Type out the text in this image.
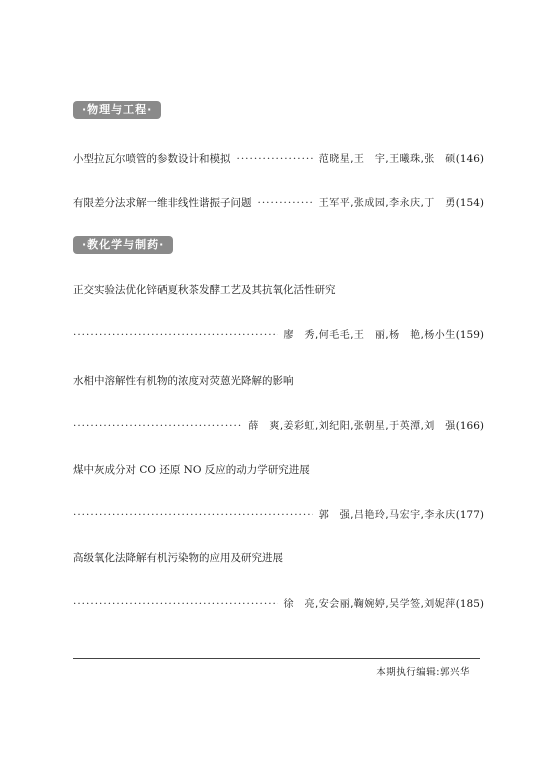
·物理与工程·
小型拉瓦尔喷管的参数设计和模拟 ·····	范晓星,王　宇,王曦珠,张　硕 (146)
有限差分法求解一维非线性谐振子问题 ·····	王军平,张成园,李永庆,丁　勇 (154)
·教化学与制药·
正交实验法优化锌硒夏秋茶发酵工艺及其抗氧化活性研究
·····
廖　秀,何毛毛,王　丽,杨　艳,杨小生 (159)
水相中溶解性有机物的浓度对荧蒽光降解的影响
·····
薛　爽,姜彩虹,刘纪阳,张朝星,于英潭,刘　强 (166)
煤中灰成分对 CO 还原 NO 反应的动力学研究进展
·····
郭　强,吕艳玲,马宏宇,李永庆 (177)
高级氧化法降解有机污染物的应用及研究进展
·····
徐　亮,安会丽,鞠婉婷,吴学签,刘妮萍 (185)
本期执行编辑:郭兴华
